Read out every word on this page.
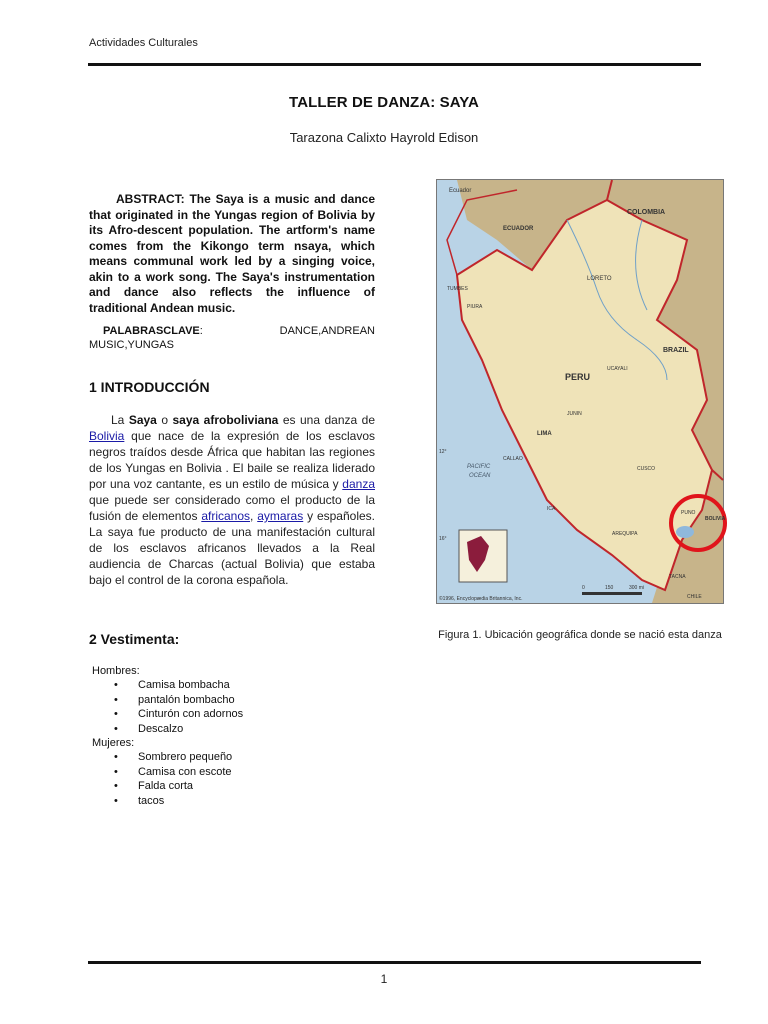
Actividades Culturales
TALLER DE DANZA: SAYA
Tarazona Calixto Hayrold Edison

ABSTRACT: The Saya is a music and dance that originated in the Yungas region of Bolivia by its Afro-descent population. The artform's name comes from the Kikongo term nsaya, which means communal work led by a singing voice, akin to a work song. The Saya's instrumentation and dance also reflects the influence of traditional Andean music.

PALABRASCLAVE: DANCE,ANDREAN MUSIC,YUNGAS

1 INTRODUCCIÓN

La Saya o saya afroboliviana es una danza de Bolivia que nace de la expresión de los esclavos negros traídos desde África que habitan las regiones de los Yungas en Bolivia . El baile se realiza liderado por una voz cantante, es un estilo de música y danza que puede ser considerado como el producto de la fusión de elementos africanos, aymaras y españoles. La saya fue producto de una manifestación cultural de los esclavos africanos llevados a la Real audiencia de Charcas (actual Bolivia) que estaba bajo el control de la corona española.

2 Vestimenta:
Hombres:
• Camisa bombacha
• pantalón bombacho
• Cinturón con adornos
• Descalzo
Mujeres:
• Sombrero pequeño
• Camisa con escote
• Falda corta
• tacos
Ecuador
COLOMBIA
ECUADOR
BRAZIL
PERU
LORETO
TUMBES
PIURA
UCAYALI
JUNIN
LIMA
CALLAO
PACIFIC
OCEAN
CUSCO
ICA
AREQUIPA
PUNO
BOLIVIA
TACNA
CHILE
12°
16°
©1996, Encyclopædia Britannica, Inc.
0	150	300 mi
Figura 1. Ubicación geográfica donde se nació esta danza
1
